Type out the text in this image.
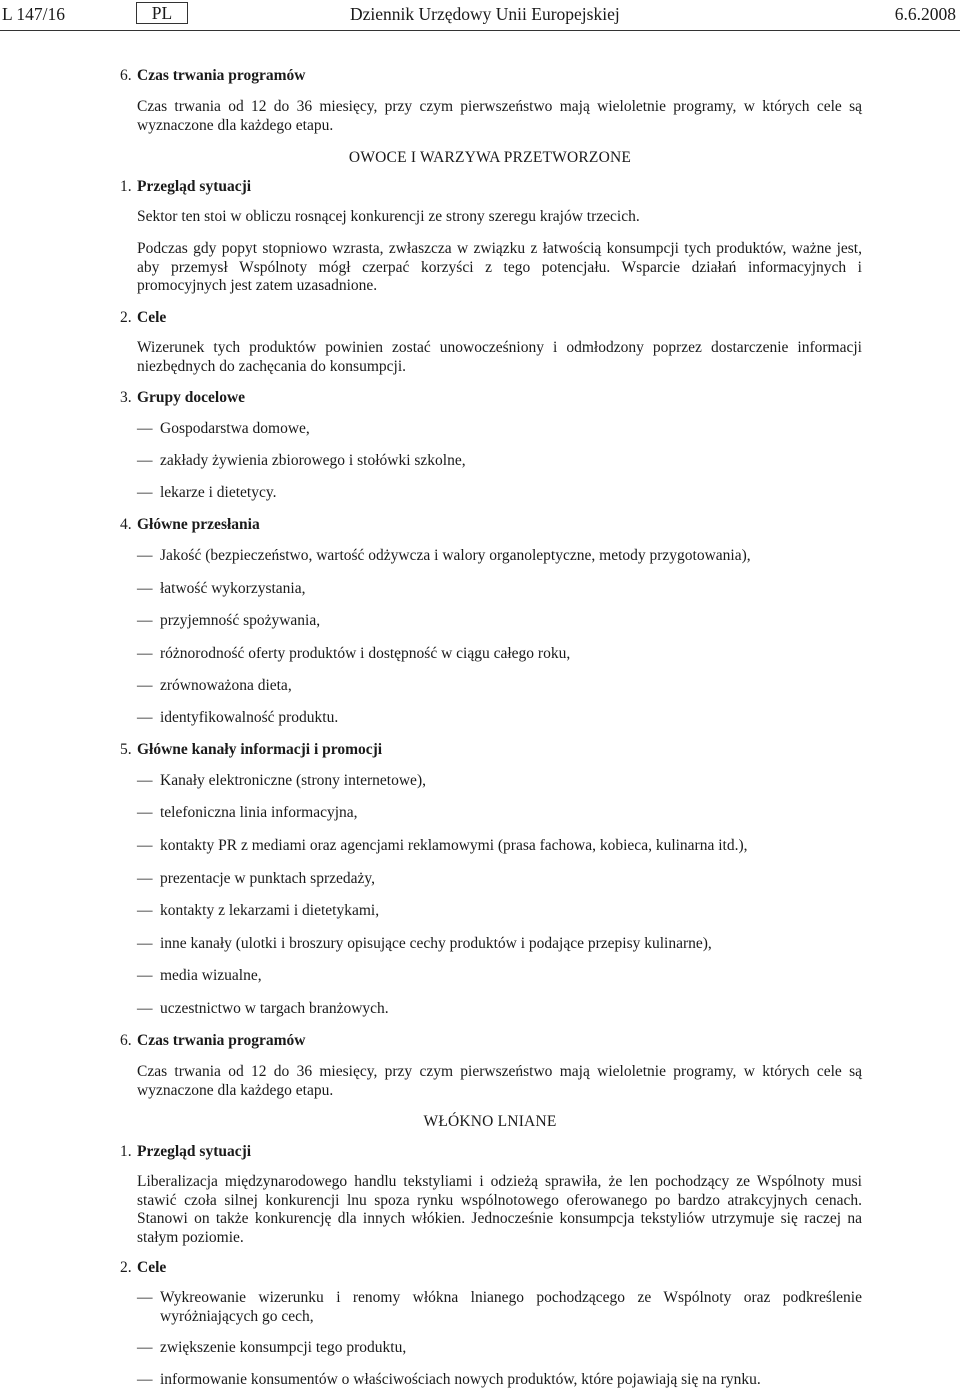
L 147/16	PL	Dziennik Urzędowy Unii Europejskiej	6.6.2008
6. Czas trwania programów
Czas trwania od 12 do 36 miesięcy, przy czym pierwszeństwo mają wieloletnie programy, w których cele są wyznaczone dla każdego etapu.
OWOCE I WARZYWA PRZETWORZONE
1. Przegląd sytuacji
Sektor ten stoi w obliczu rosnącej konkurencji ze strony szeregu krajów trzecich.
Podczas gdy popyt stopniowo wzrasta, zwłaszcza w związku z łatwością konsumpcji tych produktów, ważne jest, aby przemysł Wspólnoty mógł czerpać korzyści z tego potencjału. Wsparcie działań informacyjnych i promocyjnych jest zatem uzasadnione.
2. Cele
Wizerunek tych produktów powinien zostać unowocześniony i odmłodzony poprzez dostarczenie informacji niezbędnych do zachęcania do konsumpcji.
3. Grupy docelowe
— Gospodarstwa domowe,
— zakłady żywienia zbiorowego i stołówki szkolne,
— lekarze i dietetycy.
4. Główne przesłania
— Jakość (bezpieczeństwo, wartość odżywcza i walory organoleptyczne, metody przygotowania),
— łatwość wykorzystania,
— przyjemność spożywania,
— różnorodność oferty produktów i dostępność w ciągu całego roku,
— zrównoważona dieta,
— identyfikowalność produktu.
5. Główne kanały informacji i promocji
— Kanały elektroniczne (strony internetowe),
— telefoniczna linia informacyjna,
— kontakty PR z mediami oraz agencjami reklamowymi (prasa fachowa, kobieca, kulinarna itd.),
— prezentacje w punktach sprzedaży,
— kontakty z lekarzami i dietetykami,
— inne kanały (ulotki i broszury opisujące cechy produktów i podające przepisy kulinarne),
— media wizualne,
— uczestnictwo w targach branżowych.
6. Czas trwania programów
Czas trwania od 12 do 36 miesięcy, przy czym pierwszeństwo mają wieloletnie programy, w których cele są wyznaczone dla każdego etapu.
WŁÓKNO LNIANE
1. Przegląd sytuacji
Liberalizacja międzynarodowego handlu tekstyliami i odzieżą sprawiła, że len pochodzący ze Wspólnoty musi stawić czoła silnej konkurencji lnu spoza rynku wspólnotowego oferowanego po bardzo atrakcyjnych cenach. Stanowi on także konkurencję dla innych włókien. Jednocześnie konsumpcja tekstyliów utrzymuje się raczej na stałym poziomie.
2. Cele
— Wykreowanie wizerunku i renomy włókna lnianego pochodzącego ze Wspólnoty oraz podkreślenie wyróżniających go cech,
— zwiększenie konsumpcji tego produktu,
— informowanie konsumentów o właściwościach nowych produktów, które pojawiają się na rynku.
